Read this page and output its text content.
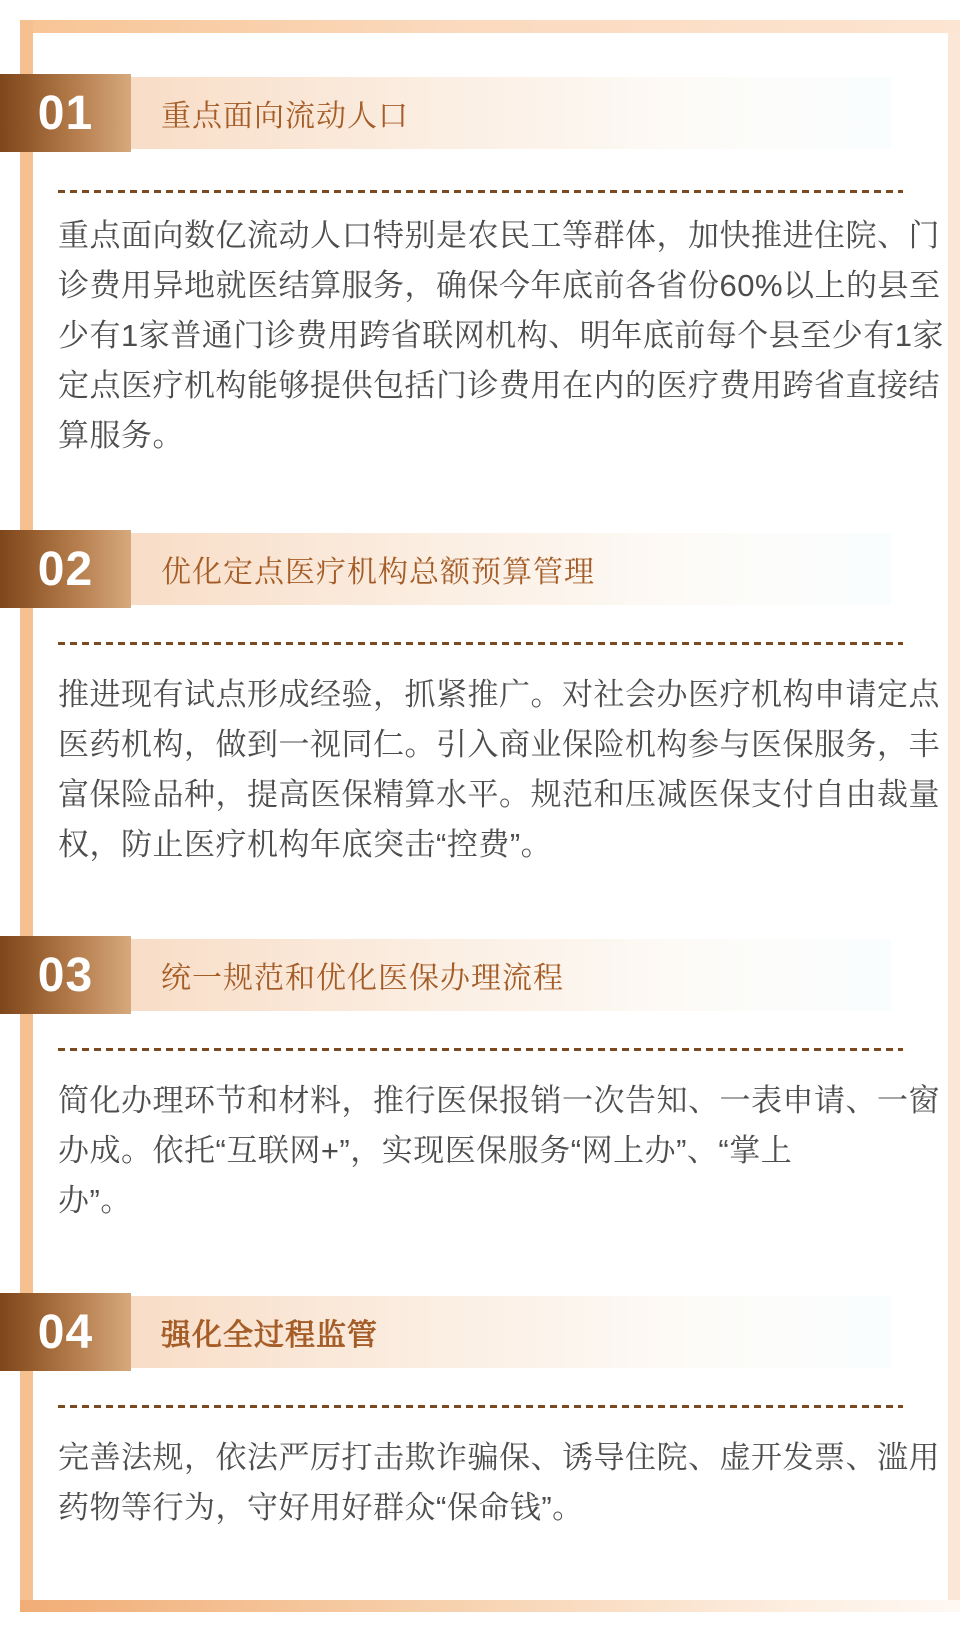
01	重点面向流动人口
重点面向数亿流动人口特别是农民工等群体，加快推进住院、门
诊费用异地就医结算服务，确保今年底前各省份60%以上的县至
少有1家普通门诊费用跨省联网机构、明年底前每个县至少有1家
定点医疗机构能够提供包括门诊费用在内的医疗费用跨省直接结
算服务。
02	优化定点医疗机构总额预算管理
推进现有试点形成经验，抓紧推广。对社会办医疗机构申请定点
医药机构，做到一视同仁。引入商业保险机构参与医保服务，丰
富保险品种，提高医保精算水平。规范和压减医保支付自由裁量
权，防止医疗机构年底突击“控费”。
03	统一规范和优化医保办理流程
简化办理环节和材料，推行医保报销一次告知、一表申请、一窗
办成。依托“互联网+”，实现医保服务“网上办”、“掌上
办”。
04	强化全过程监管
完善法规，依法严厉打击欺诈骗保、诱导住院、虚开发票、滥用
药物等行为，守好用好群众“保命钱”。
